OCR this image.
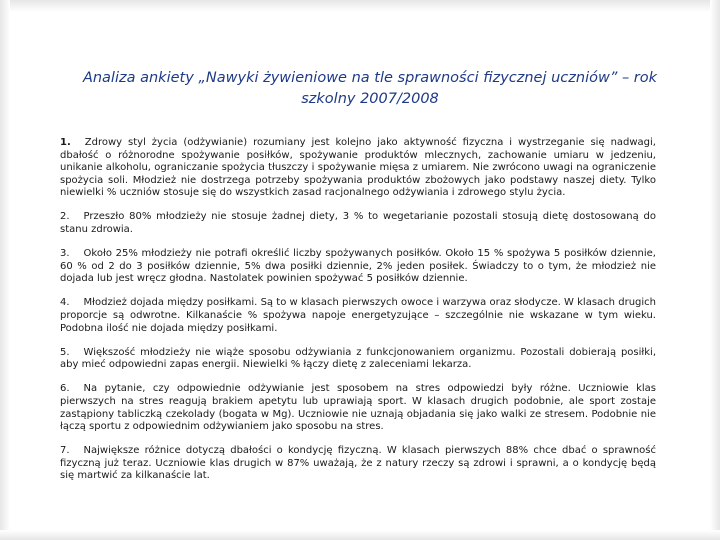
Analiza ankiety „Nawyki żywieniowe na tle sprawności fizycznej uczniów” – rok szkolny 2007/2008

1. Zdrowy styl życia (odżywianie) rozumiany jest kolejno jako aktywność fizyczna i wystrzeganie się nadwagi, dbałość o różnorodne spożywanie posiłków, spożywanie produktów mlecznych, zachowanie umiaru w jedzeniu, unikanie alkoholu, ograniczanie spożycia tłuszczy i spożywanie mięsa z umiarem. Nie zwrócono uwagi na ograniczenie spożycia soli. Młodzież nie dostrzega potrzeby spożywania produktów zbożowych jako podstawy naszej diety. Tylko niewielki % uczniów stosuje się do wszystkich zasad racjonalnego odżywiania i zdrowego stylu życia.

2. Przeszło 80% młodzieży nie stosuje żadnej diety, 3 % to wegetarianie pozostali stosują dietę dostosowaną do stanu zdrowia.

3. Około 25% młodzieży nie potrafi określić liczby spożywanych posiłków. Około 15 % spożywa 5 posiłków dziennie, 60 % od 2 do 3 posiłków dziennie, 5% dwa posiłki dziennie, 2% jeden posiłek. Świadczy to o tym, że młodzież nie dojada lub jest wręcz głodna. Nastolatek powinien spożywać 5 posiłków dziennie.

4. Młodzież dojada między posiłkami. Są to w klasach pierwszych owoce i warzywa oraz słodycze. W klasach drugich proporcje są odwrotne. Kilkanaście % spożywa napoje energetyzujące – szczególnie nie wskazane w tym wieku. Podobna ilość nie dojada między posiłkami.

5. Większość młodzieży nie wiąże sposobu odżywiania z funkcjonowaniem organizmu. Pozostali dobierają posiłki, aby mieć odpowiedni zapas energii. Niewielki % łączy dietę z zaleceniami lekarza.

6. Na pytanie, czy odpowiednie odżywianie jest sposobem na stres odpowiedzi były różne. Uczniowie klas pierwszych na stres reagują brakiem apetytu lub uprawiają sport. W klasach drugich podobnie, ale sport zostaje zastąpiony tabliczką czekolady (bogata w Mg). Uczniowie nie uznają objadania się jako walki ze stresem. Podobnie nie łączą sportu z odpowiednim odżywianiem jako sposobu na stres.

7. Największe różnice dotyczą dbałości o kondycję fizyczną. W klasach pierwszych 88% chce dbać o sprawność fizyczną już teraz. Uczniowie klas drugich w 87% uważają, że z natury rzeczy są zdrowi i sprawni, a o kondycję będą się martwić za kilkanaście lat.
